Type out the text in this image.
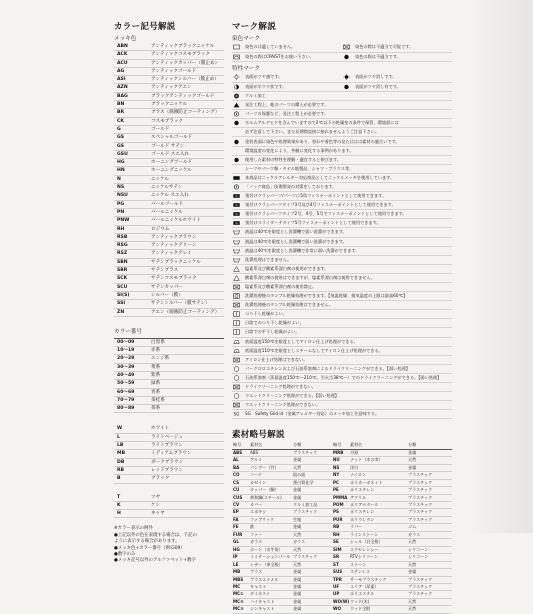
カラー記号解説
メッキ色
ABN	アンティックブラックニッケル
ACK	アンティックコスモブラック
ACU	アンティックカッパー（膜止め）
AG	アンティックゴールド
ASI	アンティックシルバー（膜止め）
AZN	アンティックアエン
BAG	ブラックアンティックゴールド
BN	ブラックニッケル
BR	ブラス（腐蝕防止コーティング）
CK	コスモブラック
G	ゴールド
GS	スペシャルゴールド
GS	ゴールド サテン
GSU	ゴールド スエ入れ
HG	ホーニングゴールド
HN	ホーニングニッケル
N	ニッケル
NS	ニッケルサテン
NSU	ニッケル スエ入れ
PG	パールゴールド
PN	パールニッケル
PNW	パールニッケルホワイト
RH	ロジウム
RSB	アンティックブラウン
RSG	アンティックグリーン
RSZ	アンティックグレイ
SBN	サテンブラックニッケル
SBR	サテンブラス
SCK	サテンコスモブラック
SCU	サテンカッパー
SI(S)	シルバー（膜）
SSI	サテンシルバー（膜サテン）
ZN	アエン（腐蝕防止コーティング）
カラー番号
00〜09	白黒系
10〜19	赤系
20〜29	エンジ系
30〜39	黄系
40〜49	紫系
50〜59	緑系
60〜69	青系
70〜79	茶桂系
80〜89	茶系
W	ホワイト
L	ライトベージュ
LB	ライトブラウン
MB	ミディアムブラウン
DB	ダークブラウン
RB	レッドブラウン
B	ブラック
T	ツヤ
K	ケシ
H	ヰッヤ
※カラー表示の例外
●上記以外の色を表現する場合は、下記の
ように表示する場合があります。
●メッキ色+カラー番号（例:G09）
●数字のみ
●メッキ記号以外のアルファベット+数字
マーク解説
染色マーク
染色のは適していません。	染色の際は不適当で可能です。
染色の際はCPAISTをお使い下さい。	染色の際は不適当です。
特性マーク
表面がツヤ感です。	表面がツヤ消しです。
表面が半ツヤ状です。	表面がツヤ消し有です。
クルミ加工
発注工程上、他のパーツの購入が必要です。
パーツの保護など、発注工程上が必要です。
ホルムアルデヒドを含んでいますので2℃以下の乾燥室の条件で保管、環境面には
必ず注意して下さい。また長期間直接に接れませんようご注意下さい。
塗装表面に染色や処理効果があり、容れや着色等の見た目はは素材の風合いです。
環境温度の変化により、外観に変化する事例があります。
使用した素材の特性を理解・適宜すると伸びます。
シーツやパーツ類・タオル地製品、シャツ・ブラウス等。
本商品はニッケルアレルギー対応商品としてニッケルメッキを使用しています。
「ノック商品」技術開発の対策をしております。
G 張付けクラシパーツ/パーツに5角ファスナーポイントとして使用できます。
G 張付けクラシパーツタイプ3号及び4号ファスナーポイントとして使用できます。
G 張付けクラシパーツタイプ2号、4号、5号でファスナーポイントとして使用できます。
G 張付けスライダーテタイプ5号ファスナーポイントとして使用できます。
液温は40℃を限度とし洗濯機で弱い洗濯ができます。
液温は40℃を限度とし洗濯機で弱い洗濯ができます。
液温は40℃を限度とし洗濯機で非常に弱い洗濯ができます。
洗濯処理はできません。
塩素系及び酸素系漂白剤の使用ができます。
酸素系漂白剤の使用はできますが、塩素系漂白剤は使用できません。
塩素系及び酸素系漂白剤の使用禁止。
洗濯処理後のタンブル乾燥処理ができます。【低温乾燥：排気温度の上限は最高60℃】
洗濯処理後のタンブル乾燥処理はできません。
つり干し乾燥がよい。
日陰でのつり干し乾燥がよい。
日陰での平干し乾燥がよい。
底面温度150℃を限度としてアイロン仕上げ処理ができる。
底面温度110℃を限度としスチームなしでアイロン仕上げ処理ができる。
アイロン仕上げ処理はできない。
パークロロエチレンおよび石油系溶剤によるドライクリーニングができる。【弱い処理】
石油系溶剤（蒸留温度150℃〜210℃、引火点38℃〜）でのドライクリーニングができる。【弱い処理】
ドライクリーニング処理ができない。
ウエットクリーニング処理ができる。【弱い処理】
ウエットクリーニング処理ができない。
SG SG　Safety Glid id（金属アレルギー対応）のメッキ加工を意味する。
素材略号解説
略号	素材名	分類	略号	素材名	分類
ABS	ABS	プラスチック	MRB	丹鉛	金属
AL	アルミ	金属	NU	ナット（木の実）	天然
BA	バンブー（竹）	天然	NS	洋白	金属
CO	コード	組み紐	NY	ナイロン	プラスチック
CS	カゼイン	蛋白質化学	PC	ポリカーボネイト	プラスチック
CU	カッパー（銅）	金属	PE	ポリエチレン	プラスチック
CUS	黄和銅(スチール)	金属	PMMA	アクリル	プラスチック
CV	カバー	クルミ加工品	POM	ポリアセタール	プラスチック
EP	エポキシ	プラスチック	PS	ポリスチレン	プラスチック
FA	ファブリック	生地	PUR	ポリウレタン	プラスチック
FE	鉄	金属	RB	ラバー	ゴム
FUR	ファー	天然	RH	ラインストーン	ガラス
GL	ガラス	ガラス	SE	シェル（貝全般）	天然
HG	ホーン（水牛角）	天然	SIM	エクセレンシー	シリコーン
IP	イミテーションパール	プラスチック	SR	RTVシリコーン	シリコーン
LE	レザー（革全般）	天然	ST	ストーン	天然
MB	ブラス	金属	SUS	ステンレス	金属
MBS	ブラスエナメル	金属	TPR	サーモプラスチック	プラスチック
MC	キャスト	金属	UF	ユリア（尿素）	プラスチック
MC①	ダイカスト	金属	UP	ポリエステル	プラスチック
MC②	ハイキャスト	金属	WO(W)	ウッド(木)	天然
MC③	シンキャスト	金属	WO	ウッド全般	天然
